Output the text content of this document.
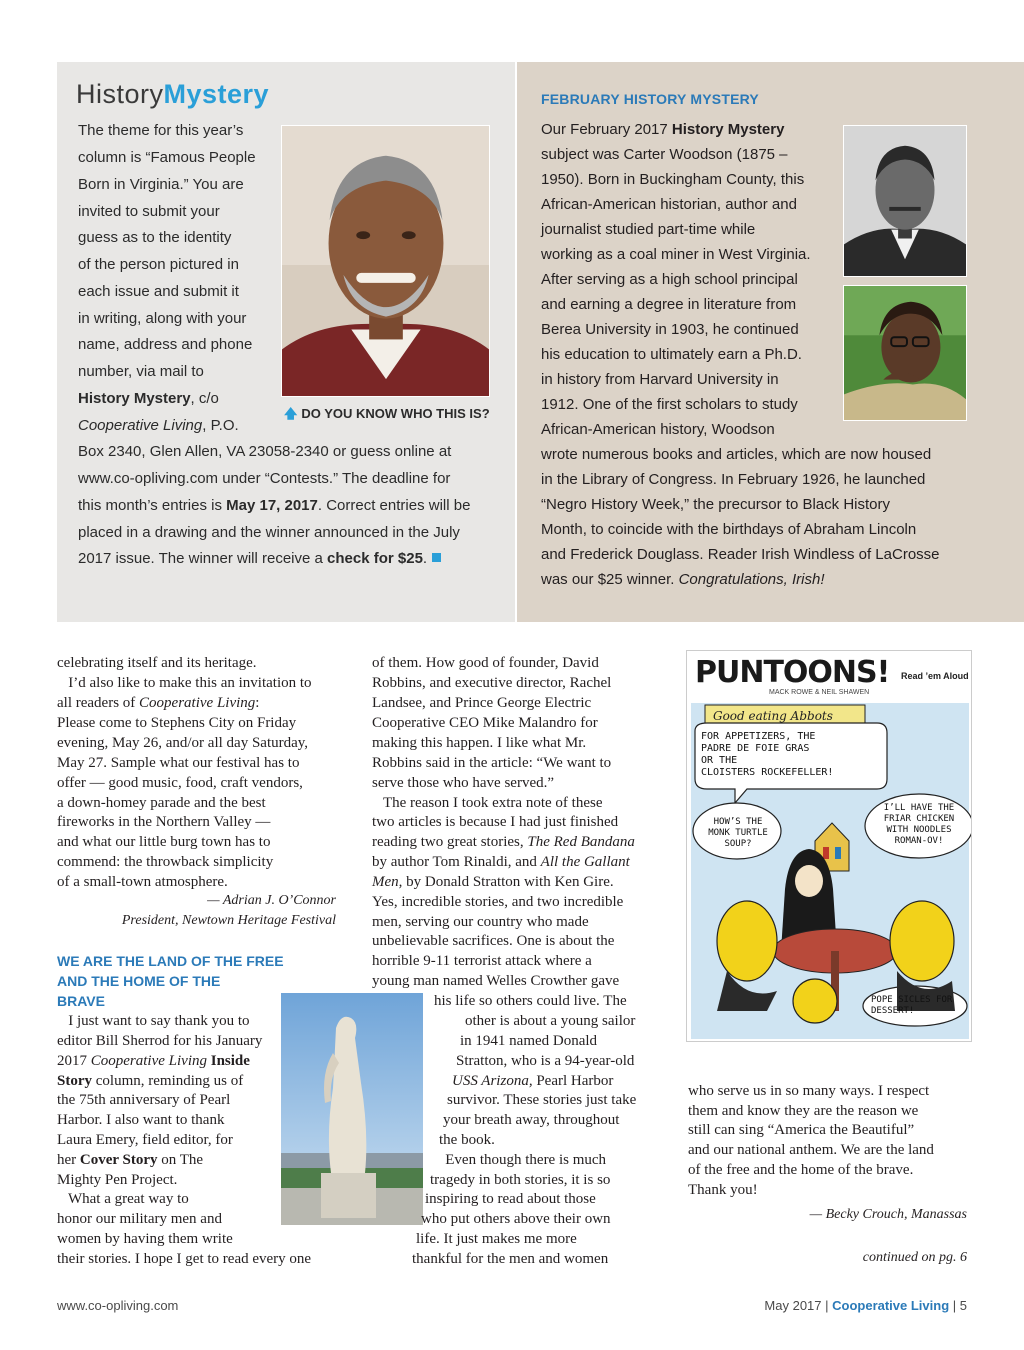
HistoryMystery
The theme for this year’s
column is “Famous People
Born in Virginia.” You are
invited to submit your
guess as to the identity
of the person pictured in
each issue and submit it
in writing, along with your
name, address and phone
number, via mail to
History Mystery, c/o
Cooperative Living, P.O.
Box 2340, Glen Allen, VA 23058-2340 or guess online at
www.co-opliving.com under “Contests.” The deadline for
this month’s entries is May 17, 2017. Correct entries will be
placed in a drawing and the winner announced in the July
2017 issue. The winner will receive a check for $25.
🡅 DO YOU KNOW WHO THIS IS?
FEBRUARY HISTORY MYSTERY
Our February 2017 History Mystery
subject was Carter Woodson (1875 –
1950). Born in Buckingham County, this
African-American historian, author and
journalist studied part-time while
working as a coal miner in West Virginia.
After serving as a high school principal
and earning a degree in literature from
Berea University in 1903, he continued
his education to ultimately earn a Ph.D.
in history from Harvard University in
1912. One of the first scholars to study
African-American history, Woodson
wrote numerous books and articles, which are now housed
in the Library of Congress. In February 1926, he launched
“Negro History Week,” the precursor to Black History
Month, to coincide with the birthdays of Abraham Lincoln
and Frederick Douglass. Reader Irish Windless of LaCrosse
was our $25 winner. Congratulations, Irish!
celebrating itself and its heritage.
I’d also like to make this an invitation to
all readers of Cooperative Living:
Please come to Stephens City on Friday
evening, May 26, and/or all day Saturday,
May 27. Sample what our festival has to
offer — good music, food, craft vendors,
a down-homey parade and the best
fireworks in the Northern Valley —
and what our little burg town has to
commend: the throwback simplicity
of a small-town atmosphere.
— Adrian J. O’Connor
President, Newtown Heritage Festival
WE ARE THE LAND OF THE FREE
AND THE HOME OF THE
BRAVE
I just want to say thank you to
editor Bill Sherrod for his January
2017 Cooperative Living Inside
Story column, reminding us of
the 75th anniversary of Pearl
Harbor. I also want to thank
Laura Emery, field editor, for
her Cover Story on The
Mighty Pen Project.
What a great way to
honor our military men and
women by having them write
their stories. I hope I get to read every one
of them. How good of founder, David
Robbins, and executive director, Rachel
Landsee, and Prince George Electric
Cooperative CEO Mike Malandro for
making this happen. I like what Mr.
Robbins said in the article: “We want to
serve those who have served.”
The reason I took extra note of these
two articles is because I had just finished
reading two great stories, The Red Bandana
by author Tom Rinaldi, and All the Gallant
Men, by Donald Stratton with Ken Gire.
Yes, incredible stories, and two incredible
men, serving our country who made
unbelievable sacrifices. One is about the
horrible 9-11 terrorist attack where a
young man named Welles Crowther gave
his life so others could live. The
other is about a young sailor
in 1941 named Donald
Stratton, who is a 94-year-old
USS Arizona, Pearl Harbor
survivor. These stories just take
your breath away, throughout
the book.
Even though there is much
tragedy in both stories, it is so
inspiring to read about those
who put others above their own
life. It just makes me more
thankful for the men and women
PUNTOONS! Read ’em Aloud
MACK ROWE & NEIL SHAWEN
Good eating Abbots
FOR APPETIZERS, THE
PADRE DE FOIE GRAS
OR THE
CLOISTERS ROCKEFELLER!
HOW’S THE
MONK TURTLE
SOUP?
I’LL HAVE THE
FRIAR CHICKEN
WITH NOODLES
ROMAN-OV!
POPE SICLES FOR
DESSERT!
who serve us in so many ways. I respect
them and know they are the reason we
still can sing “America the Beautiful”
and our national anthem. We are the land
of the free and the home of the brave.
Thank you!
— Becky Crouch, Manassas
continued on pg. 6
www.co-opliving.com	May 2017 | Cooperative Living | 5
